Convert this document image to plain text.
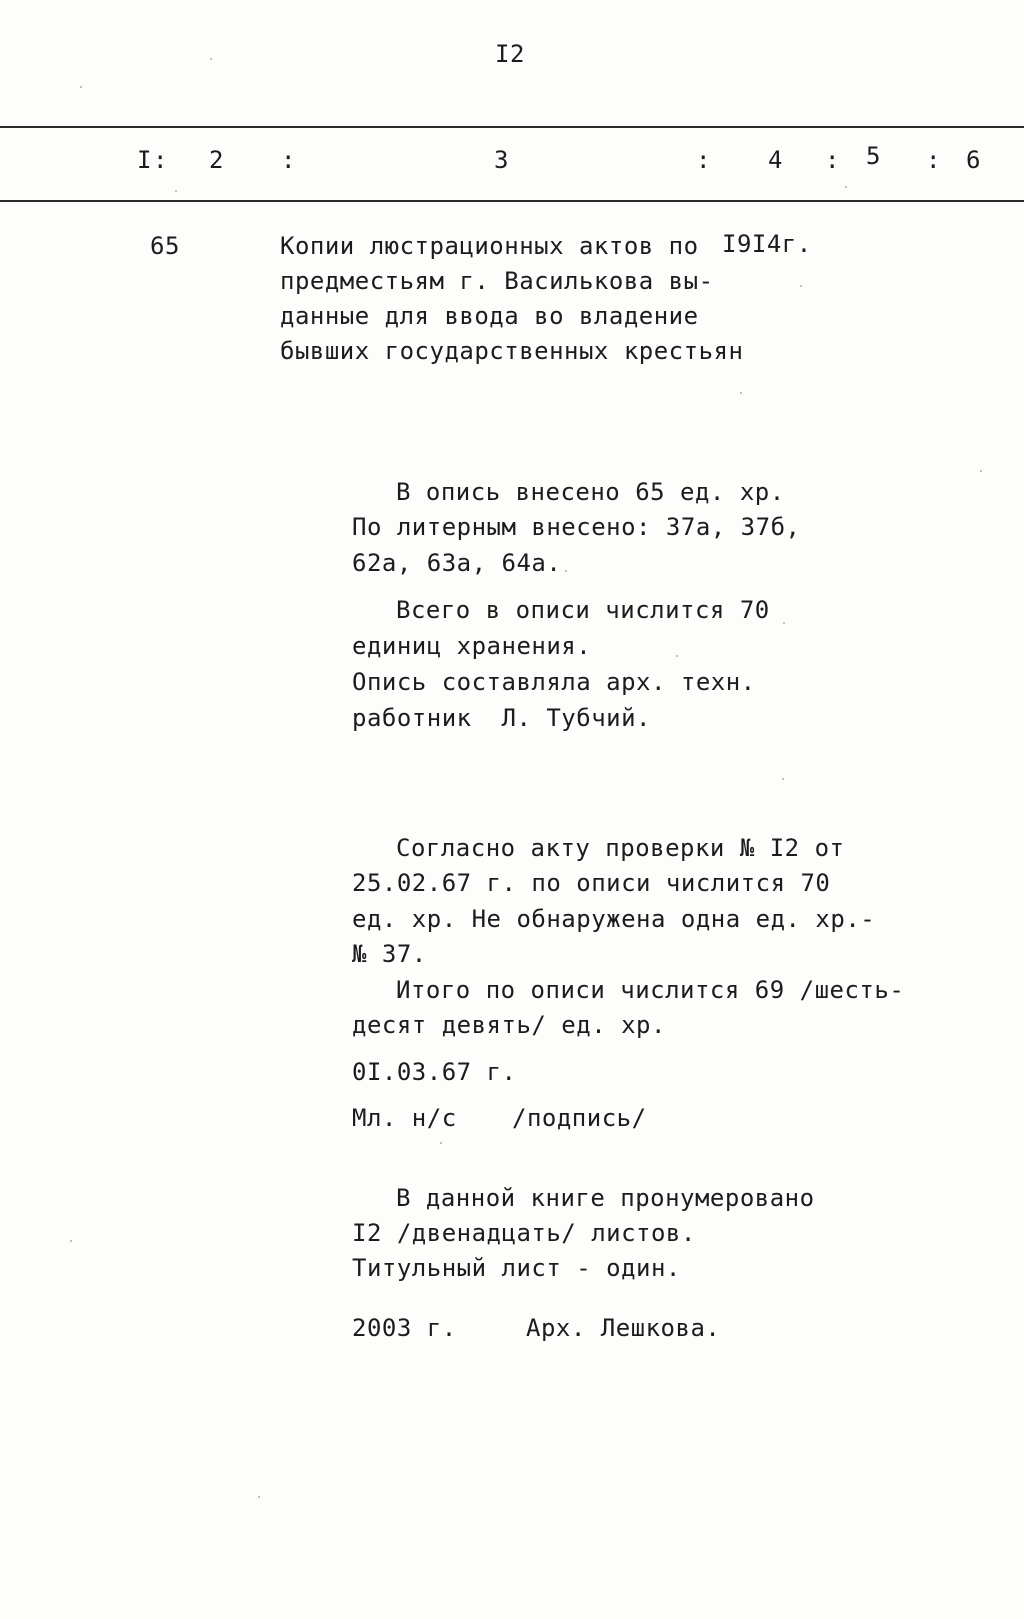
I2
I : 2 :	3	: 4 : 5 : 6
65	Копии люстрационных актов по I9I4г.
предместьям г. Василькова вы-
данные для ввода во владение
бывших государственных крестьян
В опись внесено 65 ед. хр.
По литерным внесено: 37а, 37б,
62а, 63а, 64а.
Всего в описи числится 70
единиц хранения.
Опись составляла арх. техн.
работник  Л. Тубчий.
Согласно акту проверки № I2 от
25.02.67 г. по описи числится 70
ед. хр. Не обнаружена одна ед. хр.-
№ 37.
Итого по описи числится 69 /шесть-
десят девять/ ед. хр.
0I.03.67 г.
Мл. н/с /подпись/
В данной книге пронумеровано
I2 /двенадцать/ листов.
Титульный лист - один.
2003 г.	Арх. Лешкова.
